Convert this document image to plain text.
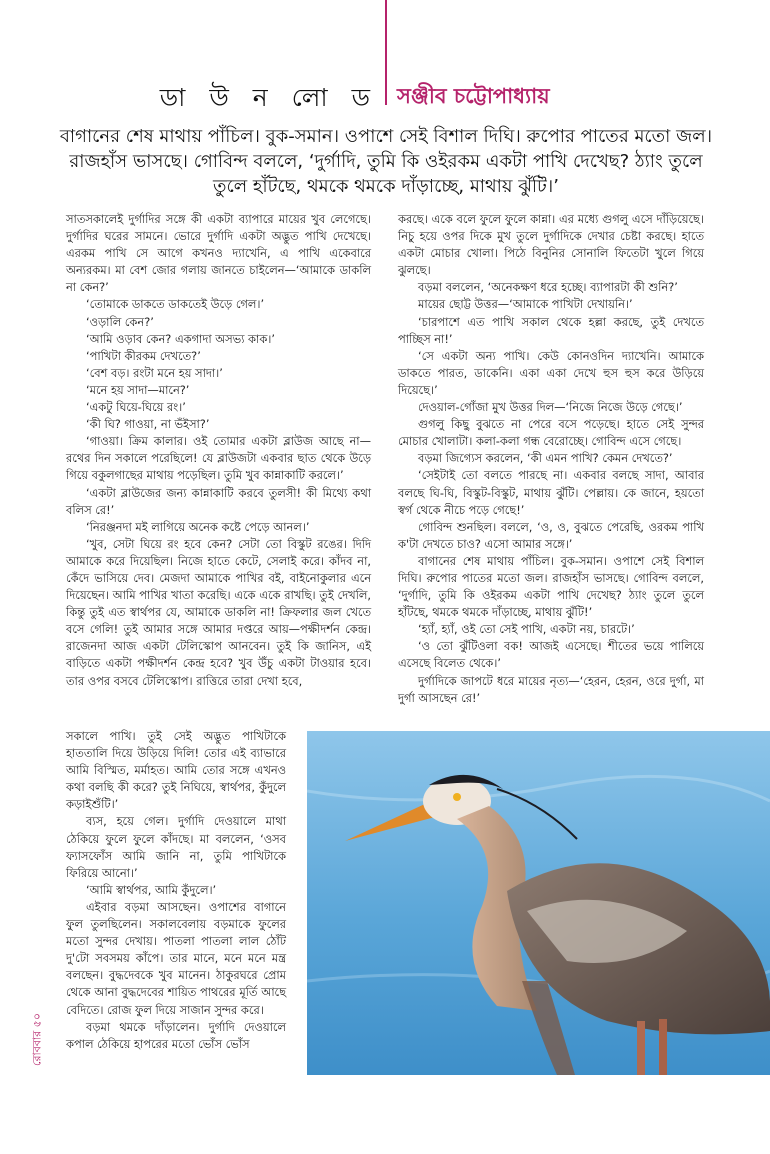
ডা উ ন লো ড সঞ্জীব চট্টোপাধ্যায়
বাগানের শেষ মাথায় পাঁচিল। বুক-সমান। ওপাশে সেই বিশাল দিঘি। রুপোর পাতের মতো জল। রাজহাঁস ভাসছে। গোবিন্দ বললে, ‘দুর্গাদি, তুমি কি ওইরকম একটা পাখি দেখেছ? ঠ্যাং তুলে তুলে হাঁটছে, থমকে থমকে দাঁড়াচ্ছে, মাথায় ঝুঁটি।’

সাতসকালেই দুর্গাদির সঙ্গে কী একটা ব্যাপারে মায়ের খুব লেগেছে। দুর্গাদির ঘরের সামনে। ভোরে দুর্গাদি একটা অদ্ভুত পাখি দেখেছে। এরকম পাখি সে আগে কখনও দ্যাখেনি, এ পাখি একেবারে অন্যরকম। মা বেশ জোর গলায় জানতে চাইলেন—‘আমাকে ডাকলি না কেন?’

‘তোমাকে ডাকতে ডাকতেই উড়ে গেল।’

‘ওড়ালি কেন?’

‘আমি ওড়াব কেন? একগাদা অসভ্য কাক।’

‘পাখিটা কীরকম দেখতে?’

‘বেশ বড়। রংটা মনে হয় সাদা।’

‘মনে হয় সাদা—মানে?’

‘একটু ঘিয়ে-ঘিয়ে রং।’

‘কী ঘি? গাওয়া, না ভঁইসা?’

‘গাওয়া। ক্রিম কালার। ওই তোমার একটা ব্লাউজ আছে না—রথের দিন সকালে পরেছিলে! যে ব্লাউজটা একবার ছাত থেকে উড়ে গিয়ে বকুলগাছের মাথায় পড়েছিল। তুমি খুব কান্নাকাটি করলে।’

‘একটা ব্লাউজের জন্য কান্নাকাটি করবে তুলসী! কী মিথ্যে কথা বলিস রে!’

‘নিরঞ্জনদা মই লাগিয়ে অনেক কষ্টে পেড়ে আনল।’

‘খুব, সেটা ঘিয়ে রং হবে কেন? সেটা তো বিস্কুট রঙের। দিদি আমাকে করে দিয়েছিল। নিজে হাতে কেটে, সেলাই করে। কাঁদব না, কেঁদে ভাসিয়ে দেব। মেজদা আমাকে পাখির বই, বাইনোকুলার এনে দিয়েছেন। আমি পাখির খাতা করেছি। একে একে রাখছি। তুই দেখলি, কিন্তু তুই এত স্বার্থপর যে, আমাকে ডাকলি না! ক্রিফলার জল খেতে বসে গেলি! তুই আমার সঙ্গে আমার দপ্তরে আয়—পক্ষীদর্শন কেন্দ্র। রাজেনদা আজ একটা টেলিস্কোপ আনবেন। তুই কি জানিস, এই বাড়িতে একটা পক্ষীদর্শন কেন্দ্র হবে? খুব উঁচু একটা টাওয়ার হবে। তার ওপর বসবে টেলিস্কোপ। রাত্তিরে তারা দেখা হবে,

সকালে পাখি। তুই সেই অদ্ভুত পাখিটাকে হাততালি দিয়ে উড়িয়ে দিলি! তোর এই ব্যাভারে আমি বিস্মিত, মর্মাহত। আমি তোর সঙ্গে এখনও কথা বলছি কী করে? তুই নিঘিয়ে, স্বার্থপর, কুঁদুলে কড়াইশুঁটি।’

ব্যস, হয়ে গেল। দুর্গাদি দেওয়ালে মাথা ঠেকিয়ে ফুলে ফুলে কাঁদছে। মা বললেন, ‘ওসব ফ্যাসফোঁস আমি জানি না, তুমি পাখিটাকে ফিরিয়ে আনো।’

‘আমি স্বার্থপর, আমি কুঁদুলে।’

এইবার বড়মা আসছেন। ওপাশের বাগানে ফুল তুলছিলেন। সকালবেলায় বড়মাকে ফুলের মতো সুন্দর দেখায়। পাতলা পাতলা লাল ঠোঁট দু'টো সবসময় কাঁপে। তার মানে, মনে মনে মন্ত্র বলছেন। বুদ্ধদেবকে খুব মানেন। ঠাকুরঘরে প্রোম থেকে আনা বুদ্ধদেবের শায়িত পাথরের মূর্তি আছে বেদিতে। রোজ ফুল দিয়ে সাজান সুন্দর করে।

বড়মা থমকে দাঁড়ালেন। দুর্গাদি দেওয়ালে কপাল ঠেকিয়ে হাপরের মতো ভোঁস ভোঁস

করছে। একে বলে ফুলে ফুলে কান্না। এর মধ্যে গুগলু এসে দাঁড়িয়েছে। নিচু হয়ে ওপর দিকে মুখ তুলে দুর্গাদিকে দেখার চেষ্টা করছে। হাতে একটা মোচার খোলা। পিঠে বিনুনির সোনালি ফিতেটা খুলে গিয়ে ঝুলছে।

বড়মা বললেন, ‘অনেকক্ষণ ধরে হচ্ছে। ব্যাপারটা কী শুনি?’

মায়ের ছোট্ট উত্তর—‘আমাকে পাখিটা দেখায়নি।’

‘চারপাশে এত পাখি সকাল থেকে হল্লা করছে, তুই দেখতে পাচ্ছিস না!’

‘সে একটা অন্য পাখি। কেউ কোনওদিন দ্যাখেনি। আমাকে ডাকতে পারত, ডাকেনি। একা একা দেখে হুস হুস করে উড়িয়ে দিয়েছে।’

দেওয়াল-গোঁজা মুখ উত্তর দিল—‘নিজে নিজে উড়ে গেছে।’

গুগলু কিছু বুঝতে না পেরে বসে পড়েছে। হাতে সেই সুন্দর মোচার খোলাটা। কলা-কলা গন্ধ বেরোচ্ছে। গোবিন্দ এসে গেছে।

বড়মা জিগ্যেস করলেন, ‘কী এমন পাখি? কেমন দেখতে?’

‘সেইটাই তো বলতে পারছে না। একবার বলছে সাদা, আবার বলছে ঘি-ঘি, বিস্কুট-বিস্কুট, মাথায় ঝুঁটি। পেল্লায়। কে জানে, হয়তো স্বর্গ থেকে নীচে পড়ে গেছে!’

গোবিন্দ শুনছিল। বললে, ‘ও, ও, বুঝতে পেরেছি, ওরকম পাখি ক'টা দেখতে চাও? এসো আমার সঙ্গে।’

বাগানের শেষ মাথায় পাঁচিল। বুক-সমান। ওপাশে সেই বিশাল দিঘি। রুপোর পাতের মতো জল। রাজহাঁস ভাসছে। গোবিন্দ বললে, ‘দুর্গাদি, তুমি কি ওইরকম একটা পাখি দেখেছ? ঠ্যাং তুলে তুলে হাঁটছে, থমকে থমকে দাঁড়াচ্ছে, মাথায় ঝুঁটি!’

‘হ্যাঁ, হ্যাঁ, ওই তো সেই পাখি, একটা নয়, চারটে।’

‘ও তো ঝুঁটিওলা বক! আজই এসেছে। শীতের ভয়ে পালিয়ে এসেছে বিলেত থেকে।’

দুর্গাদিকে জাপটে ধরে মায়ের নৃত্য—‘হেরন, হেরন, ওরে দুর্গা, মা দুর্গা আসছেন রে!’

রোববার ৫০
